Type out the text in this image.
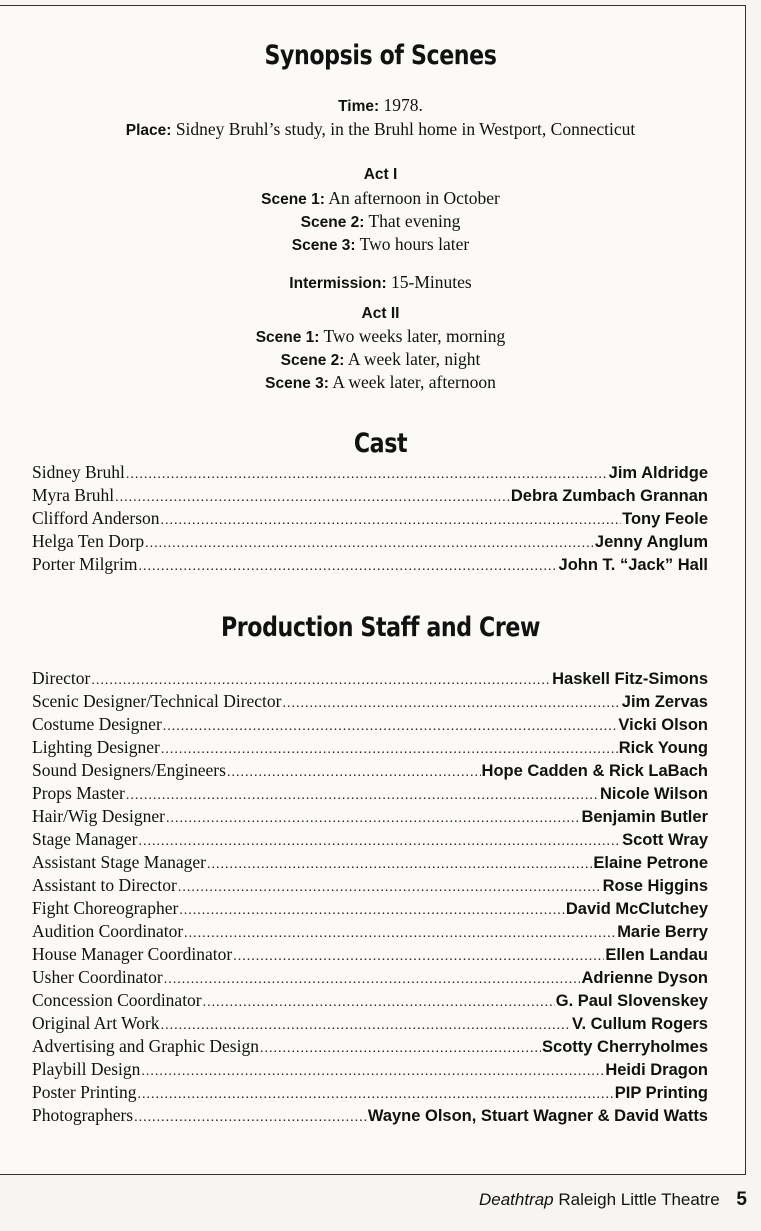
Synopsis of Scenes
Time: 1978.
Place: Sidney Bruhl’s study, in the Bruhl home in Westport, Connecticut
Act I
Scene 1: An afternoon in October
Scene 2: That evening
Scene 3: Two hours later
Intermission: 15-Minutes
Act II
Scene 1: Two weeks later, morning
Scene 2: A week later, night
Scene 3: A week later, afternoon
Cast
Sidney Bruhl .....	Jim Aldridge
Myra Bruhl .....	Debra Zumbach Grannan
Clifford Anderson .....	Tony Feole
Helga Ten Dorp .....	Jenny Anglum
Porter Milgrim .....	John T. “Jack” Hall
Production Staff and Crew
Director .....	Haskell Fitz-Simons
Scenic Designer/Technical Director .....	Jim Zervas
Costume Designer .....	Vicki Olson
Lighting Designer .....	Rick Young
Sound Designers/Engineers .....	Hope Cadden & Rick LaBach
Props Master .....	Nicole Wilson
Hair/Wig Designer .....	Benjamin Butler
Stage Manager .....	Scott Wray
Assistant Stage Manager .....	Elaine Petrone
Assistant to Director .....	Rose Higgins
Fight Choreographer .....	David McClutchey
Audition Coordinator .....	Marie Berry
House Manager Coordinator .....	Ellen Landau
Usher Coordinator .....	Adrienne Dyson
Concession Coordinator .....	G. Paul Slovenskey
Original Art Work .....	V. Cullum Rogers
Advertising and Graphic Design .....	Scotty Cherryholmes
Playbill Design .....	Heidi Dragon
Poster Printing .....	PIP Printing
Photographers .....	Wayne Olson, Stuart Wagner & David Watts
Deathtrap Raleigh Little Theatre 5
